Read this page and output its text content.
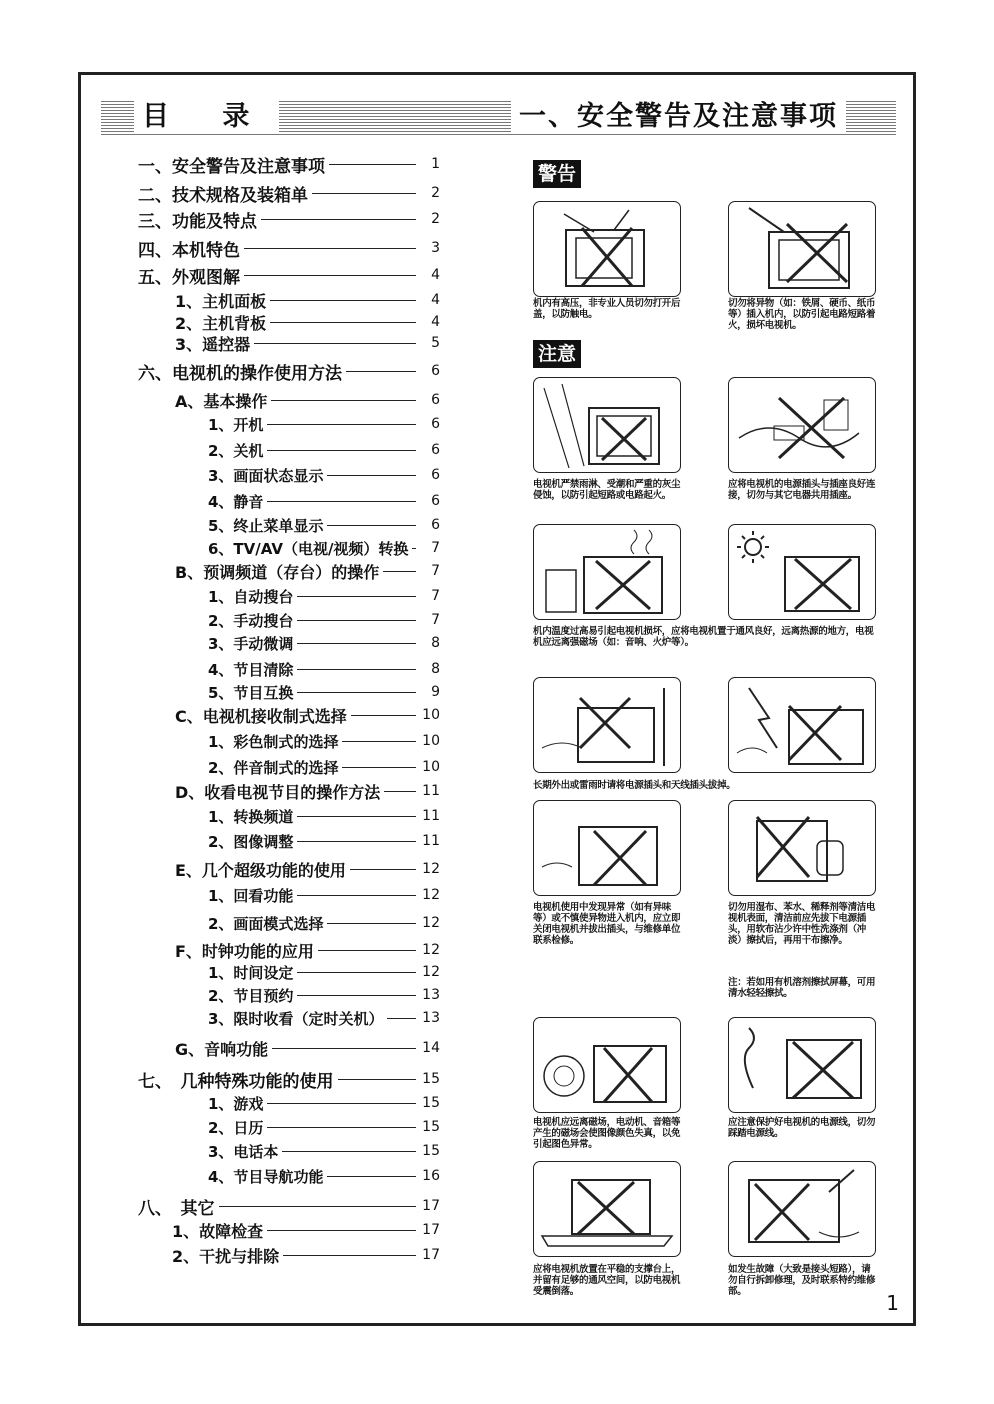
目 录	一、安全警告及注意事项
一、安全警告及注意事项	1
二、技术规格及装箱单	2
三、功能及特点	2
四、本机特色	3
五、外观图解	4
1、主机面板	4
2、主机背板	4
3、遥控器	5
六、电视机的操作使用方法	6
A、基本操作	6
1、开机	6
2、关机	6
3、画面状态显示	6
4、静音	6
5、终止菜单显示	6
6、TV/AV（电视/视频）转换	7
B、预调频道（存台）的操作	7
1、自动搜台	7
2、手动搜台	7
3、手动微调	8
4、节目清除	8
5、节目互换	9
C、电视机接收制式选择	10
1、彩色制式的选择	10
2、伴音制式的选择	10
D、收看电视节目的操作方法	11
1、转换频道	11
2、图像调整	11
E、几个超级功能的使用	12
1、回看功能	12
2、画面模式选择	12
F、时钟功能的应用	12
1、时间设定	12
2、节目预约	13
3、限时收看（定时关机）	13
G、音响功能	14
七、　几种特殊功能的使用	15
1、游戏	15
2、日历	15
3、电话本	15
4、节目导航功能	16
八、　其它	17
1、故障检查	17
2、干扰与排除	17
警告
注意
机内有高压，非专业人员切勿打开后盖，以防触电。
切勿将异物（如：铁屑、硬币、纸币等）插入机内，以防引起电路短路着火，损坏电视机。
电视机严禁雨淋、受潮和严重的灰尘侵蚀，以防引起短路或电路起火。
应将电视机的电源插头与插座良好连接，切勿与其它电器共用插座。
机内温度过高易引起电视机损坏，应将电视机置于通风良好，远离热源的地方，电视机应远离强磁场（如：音响、火炉等）。
长期外出或雷雨时请将电源插头和天线插头拔掉。
电视机使用中发现异常（如有异味等）或不慎使异物进入机内，应立即关闭电视机并拔出插头，与维修单位联系检修。
切勿用湿布、苯水、稀释剂等清洁电视机表面，清洁前应先拔下电源插头，用软布沾少许中性洗涤剂（冲淡）擦拭后，再用干布擦净。
注：若如用有机溶剂擦拭屏幕，可用清水轻轻擦拭。
电视机应远离磁场，电动机、音箱等产生的磁场会使图像颜色失真，以免引起图色异常。
应注意保护好电视机的电源线，切勿踩踏电源线。
应将电视机放置在平稳的支撑台上，并留有足够的通风空间，以防电视机受震倒落。
如发生故障（大致是接头短路），请勿自行拆卸修理，及时联系特约维修部。	1
